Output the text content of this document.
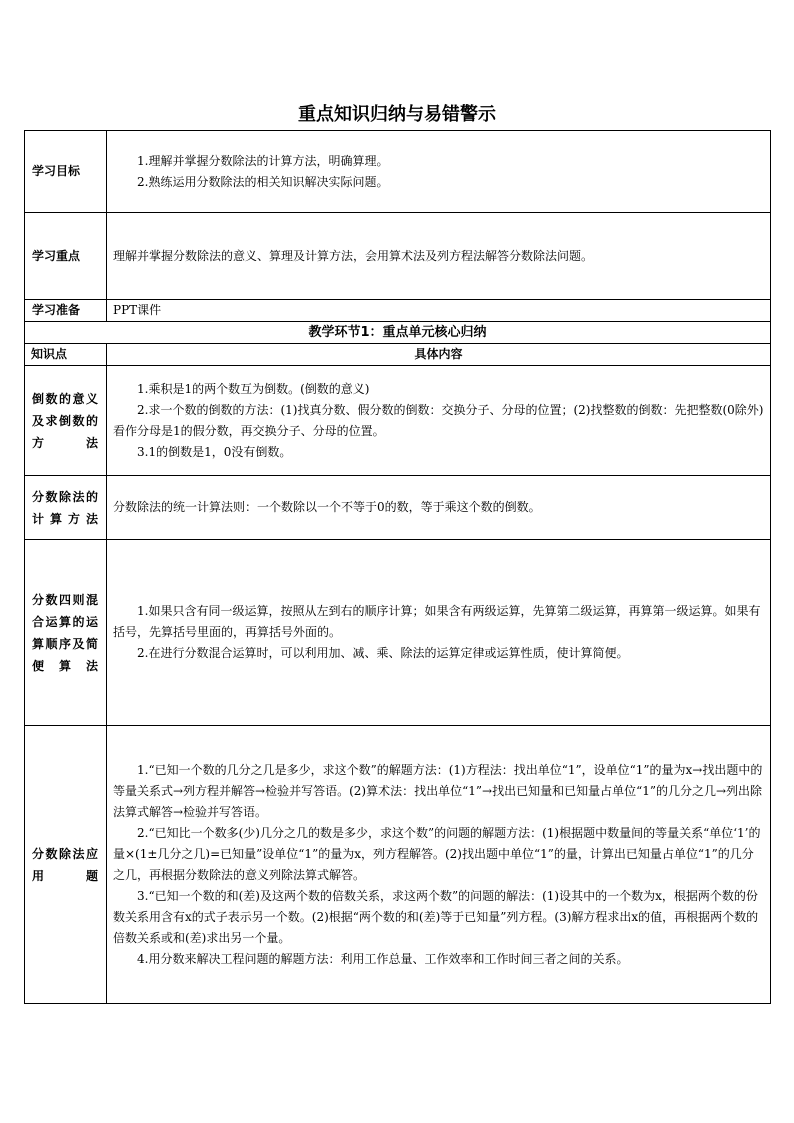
重点知识归纳与易错警示
学习目标	1.理解并掌握分数除法的计算方法，明确算理。

2.熟练运用分数除法的相关知识解决实际问题。

学习重点	理解并掌握分数除法的意义、算理及计算方法，会用算术法及列方程法解答分数除法问题。

学习准备	PPT课件

教学环节1：重点单元核心归纳	
知识点	具体内容
倒数的意义及求倒数的方法	1.乘积是1的两个数互为倒数。(倒数的意义)

2.求一个数的倒数的方法：(1)找真分数、假分数的倒数：交换分子、分母的位置；(2)找整数的倒数：先把整数(0除外)看作分母是1的假分数，再交换分子、分母的位置。

3.1的倒数是1，0没有倒数。

分数除法的计算方法	分数除法的统一计算法则：一个数除以一个不等于0的数，等于乘这个数的倒数。

分数四则混合运算的运算顺序及简便算法	1.如果只含有同一级运算，按照从左到右的顺序计算；如果含有两级运算，先算第二级运算，再算第一级运算。如果有括号，先算括号里面的，再算括号外面的。

2.在进行分数混合运算时，可以利用加、减、乘、除法的运算定律或运算性质，使计算简便。

分数除法应用题	1.“已知一个数的几分之几是多少，求这个数”的解题方法：(1)方程法：找出单位“1”，设单位“1”的量为x→找出题中的等量关系式→列方程并解答→检验并写答语。(2)算术法：找出单位“1”→找出已知量和已知量占单位“1”的几分之几→列出除法算式解答→检验并写答语。

2.“已知比一个数多(少)几分之几的数是多少，求这个数”的问题的解题方法：(1)根据题中数量间的等量关系“单位‘1’的量×(1±几分之几)=已知量”设单位“1”的量为x，列方程解答。(2)找出题中单位“1”的量，计算出已知量占单位“1”的几分之几，再根据分数除法的意义列除法算式解答。

3.“已知一个数的和(差)及这两个数的倍数关系，求这两个数”的问题的解法：(1)设其中的一个数为x，根据两个数的份数关系用含有x的式子表示另一个数。(2)根据“两个数的和(差)等于已知量”列方程。(3)解方程求出x的值，再根据两个数的倍数关系或和(差)求出另一个量。

4.用分数来解决工程问题的解题方法：利用工作总量、工作效率和工作时间三者之间的关系。
